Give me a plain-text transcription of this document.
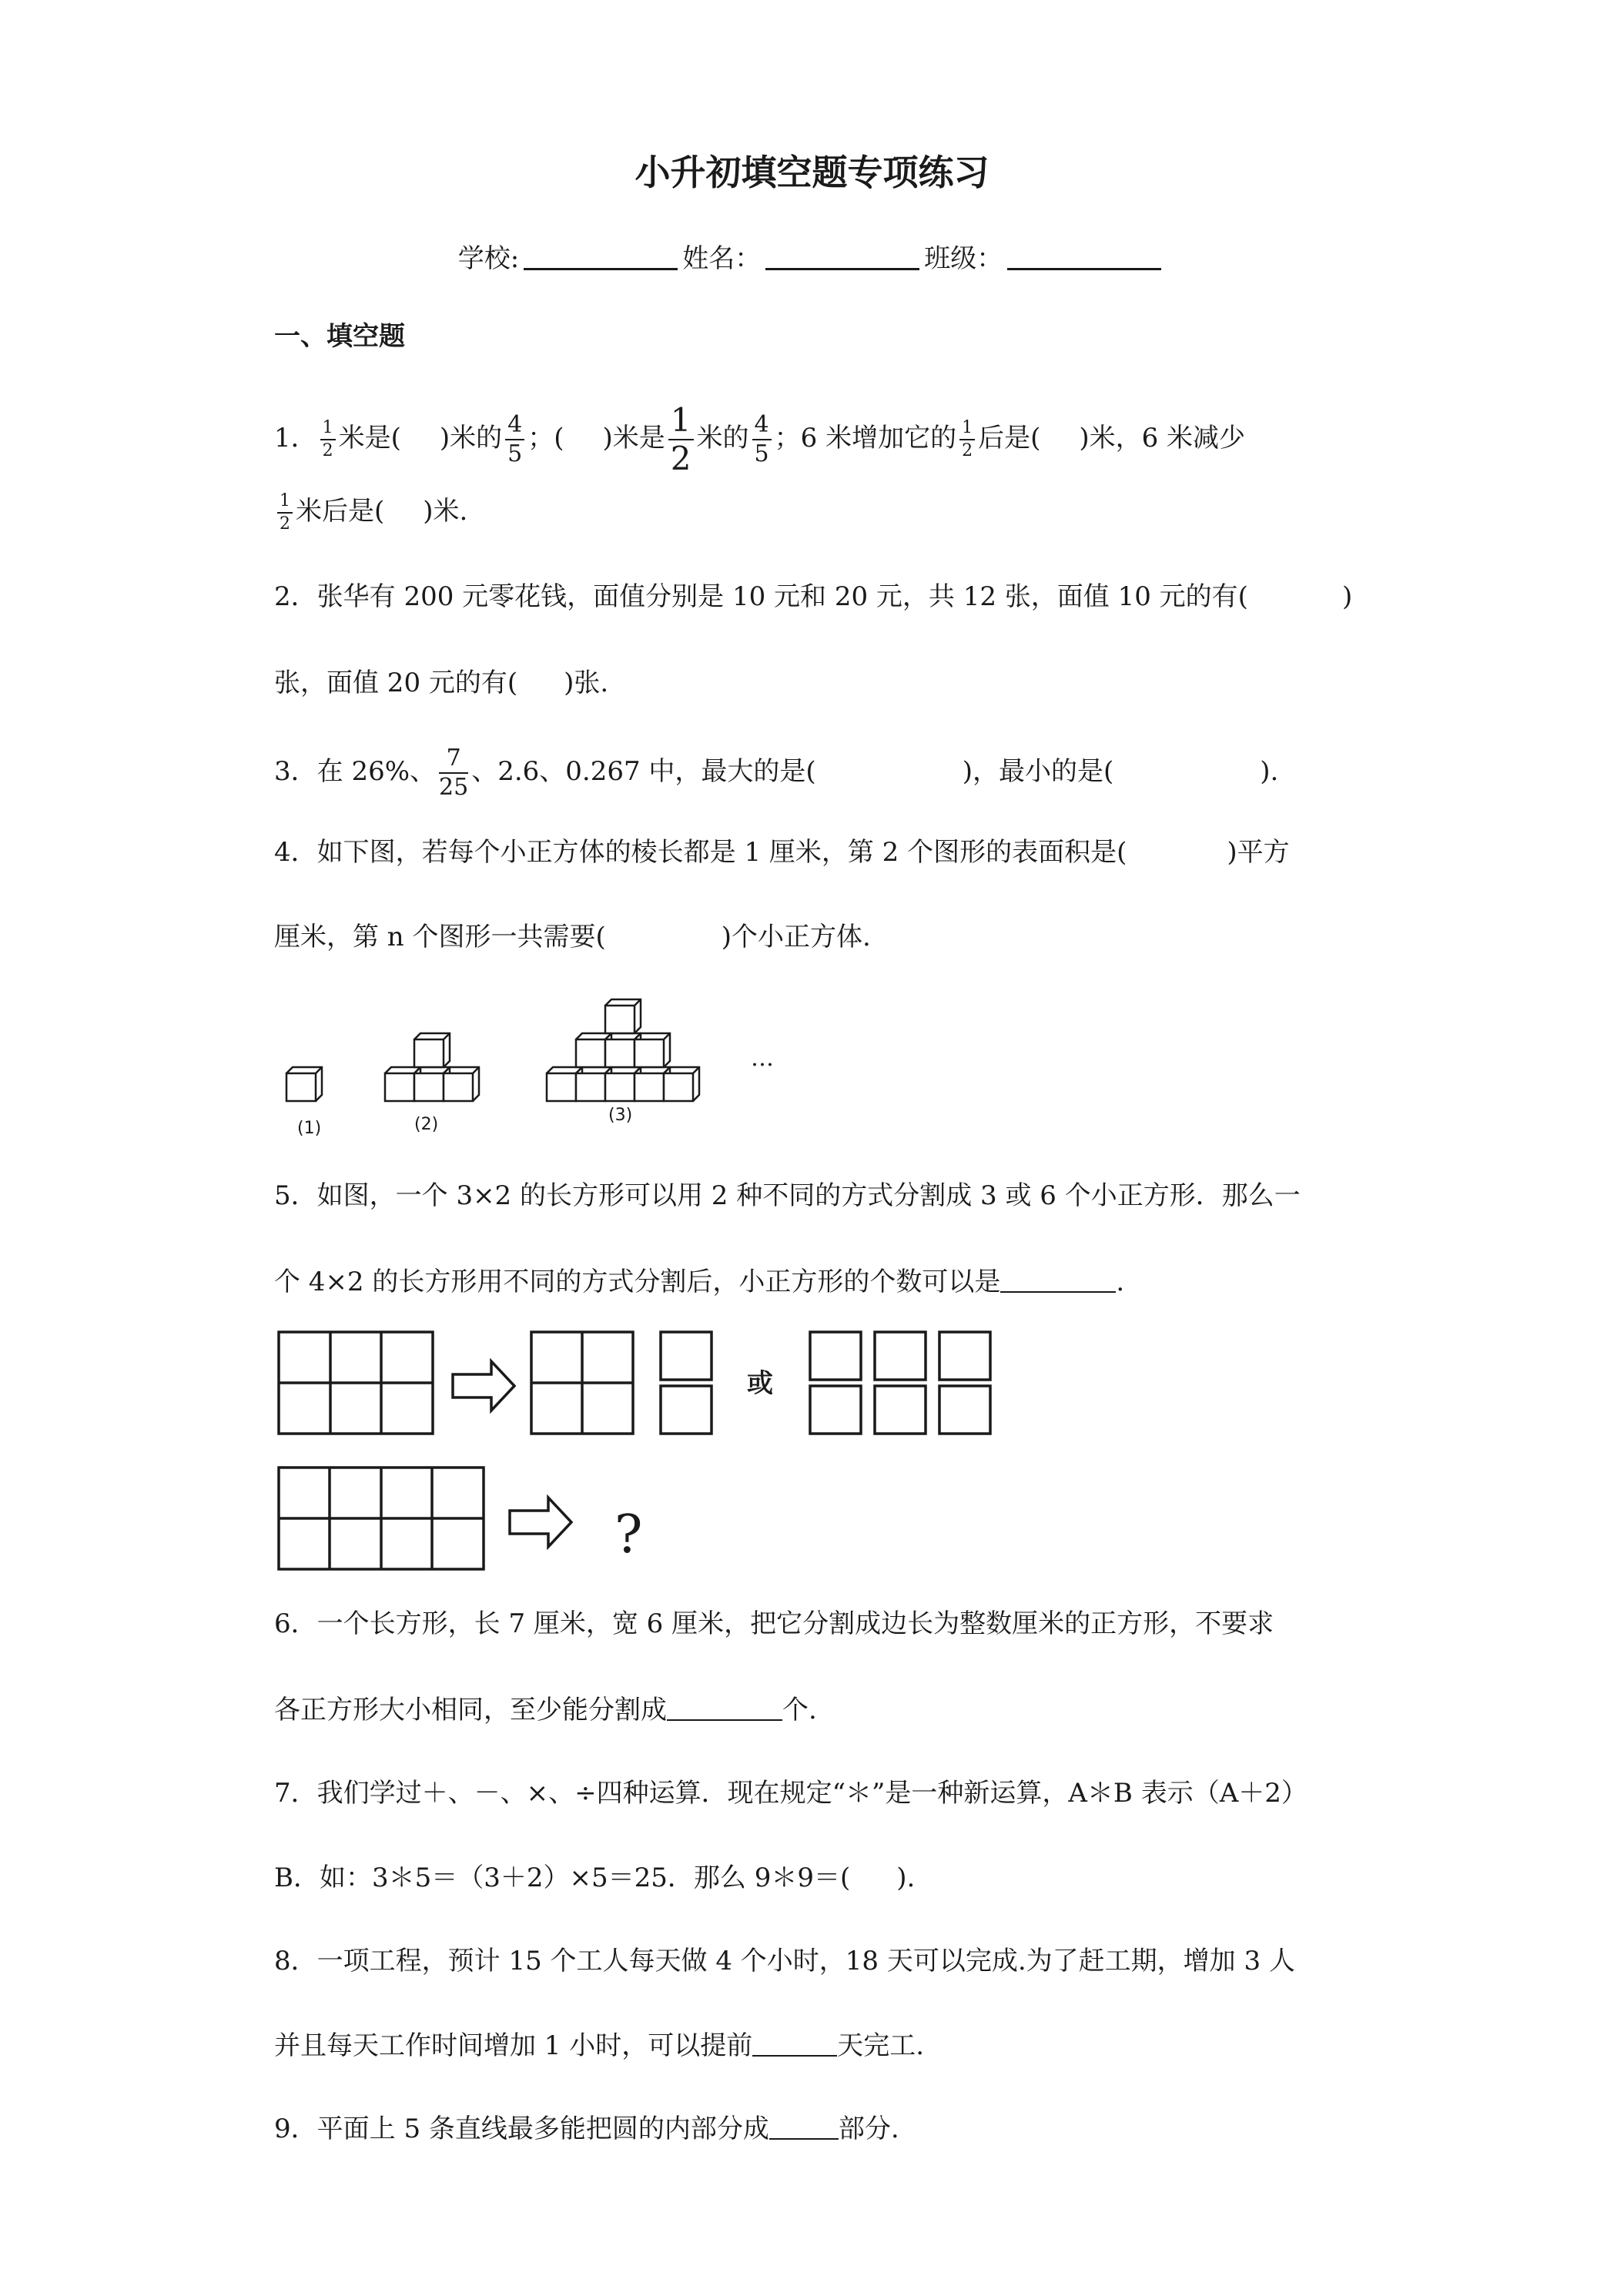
小升初填空题专项练习
学校:	姓名：	班级：
一、填空题
1． $\frac{1}{2}$ 米是( )米的 $\frac{4}{5}$ ；( )米是 $\frac{1}{2}$ 米的 $\frac{4}{5}$ ；6 米增加它的 $\frac{1}{2}$ 后是( )米，6 米减少
$\frac{1}{2}$ 米后是( )米.
2．张华有 200 元零花钱，面值分别是 10 元和 20 元，共 12 张，面值 10 元的有(	)
张，面值 20 元的有( )张.
3．在 26%、 $\frac{7}{25}$ 、2.6、0.267 中，最大的是(	)，最小的是(	).
4．如下图，若每个小正方体的棱长都是 1 厘米，第 2 个图形的表面积是(	)平方
厘米，第 n 个图形一共需要(	)个小正方体.
(1)	(2)	(3)
…
5．如图，一个 3×2 的长方形可以用 2 种不同的方式分割成 3 或 6 个小正方形．那么一
个 4×2 的长方形用不同的方式分割后，小正方形的个数可以是	.
或
?
6．一个长方形，长 7 厘米，宽 6 厘米，把它分割成边长为整数厘米的正方形，不要求
各正方形大小相同，至少能分割成	个.
7．我们学过＋、－、×、÷四种运算．现在规定“＊”是一种新运算，A＊B 表示（A＋2）
B．如：3＊5＝（3＋2）×5＝25．那么 9＊9＝( ).
8．一项工程，预计 15 个工人每天做 4 个小时，18 天可以完成.为了赶工期，增加 3 人
并且每天工作时间增加 1 小时，可以提前	天完工.
9．平面上 5 条直线最多能把圆的内部分成	部分.
